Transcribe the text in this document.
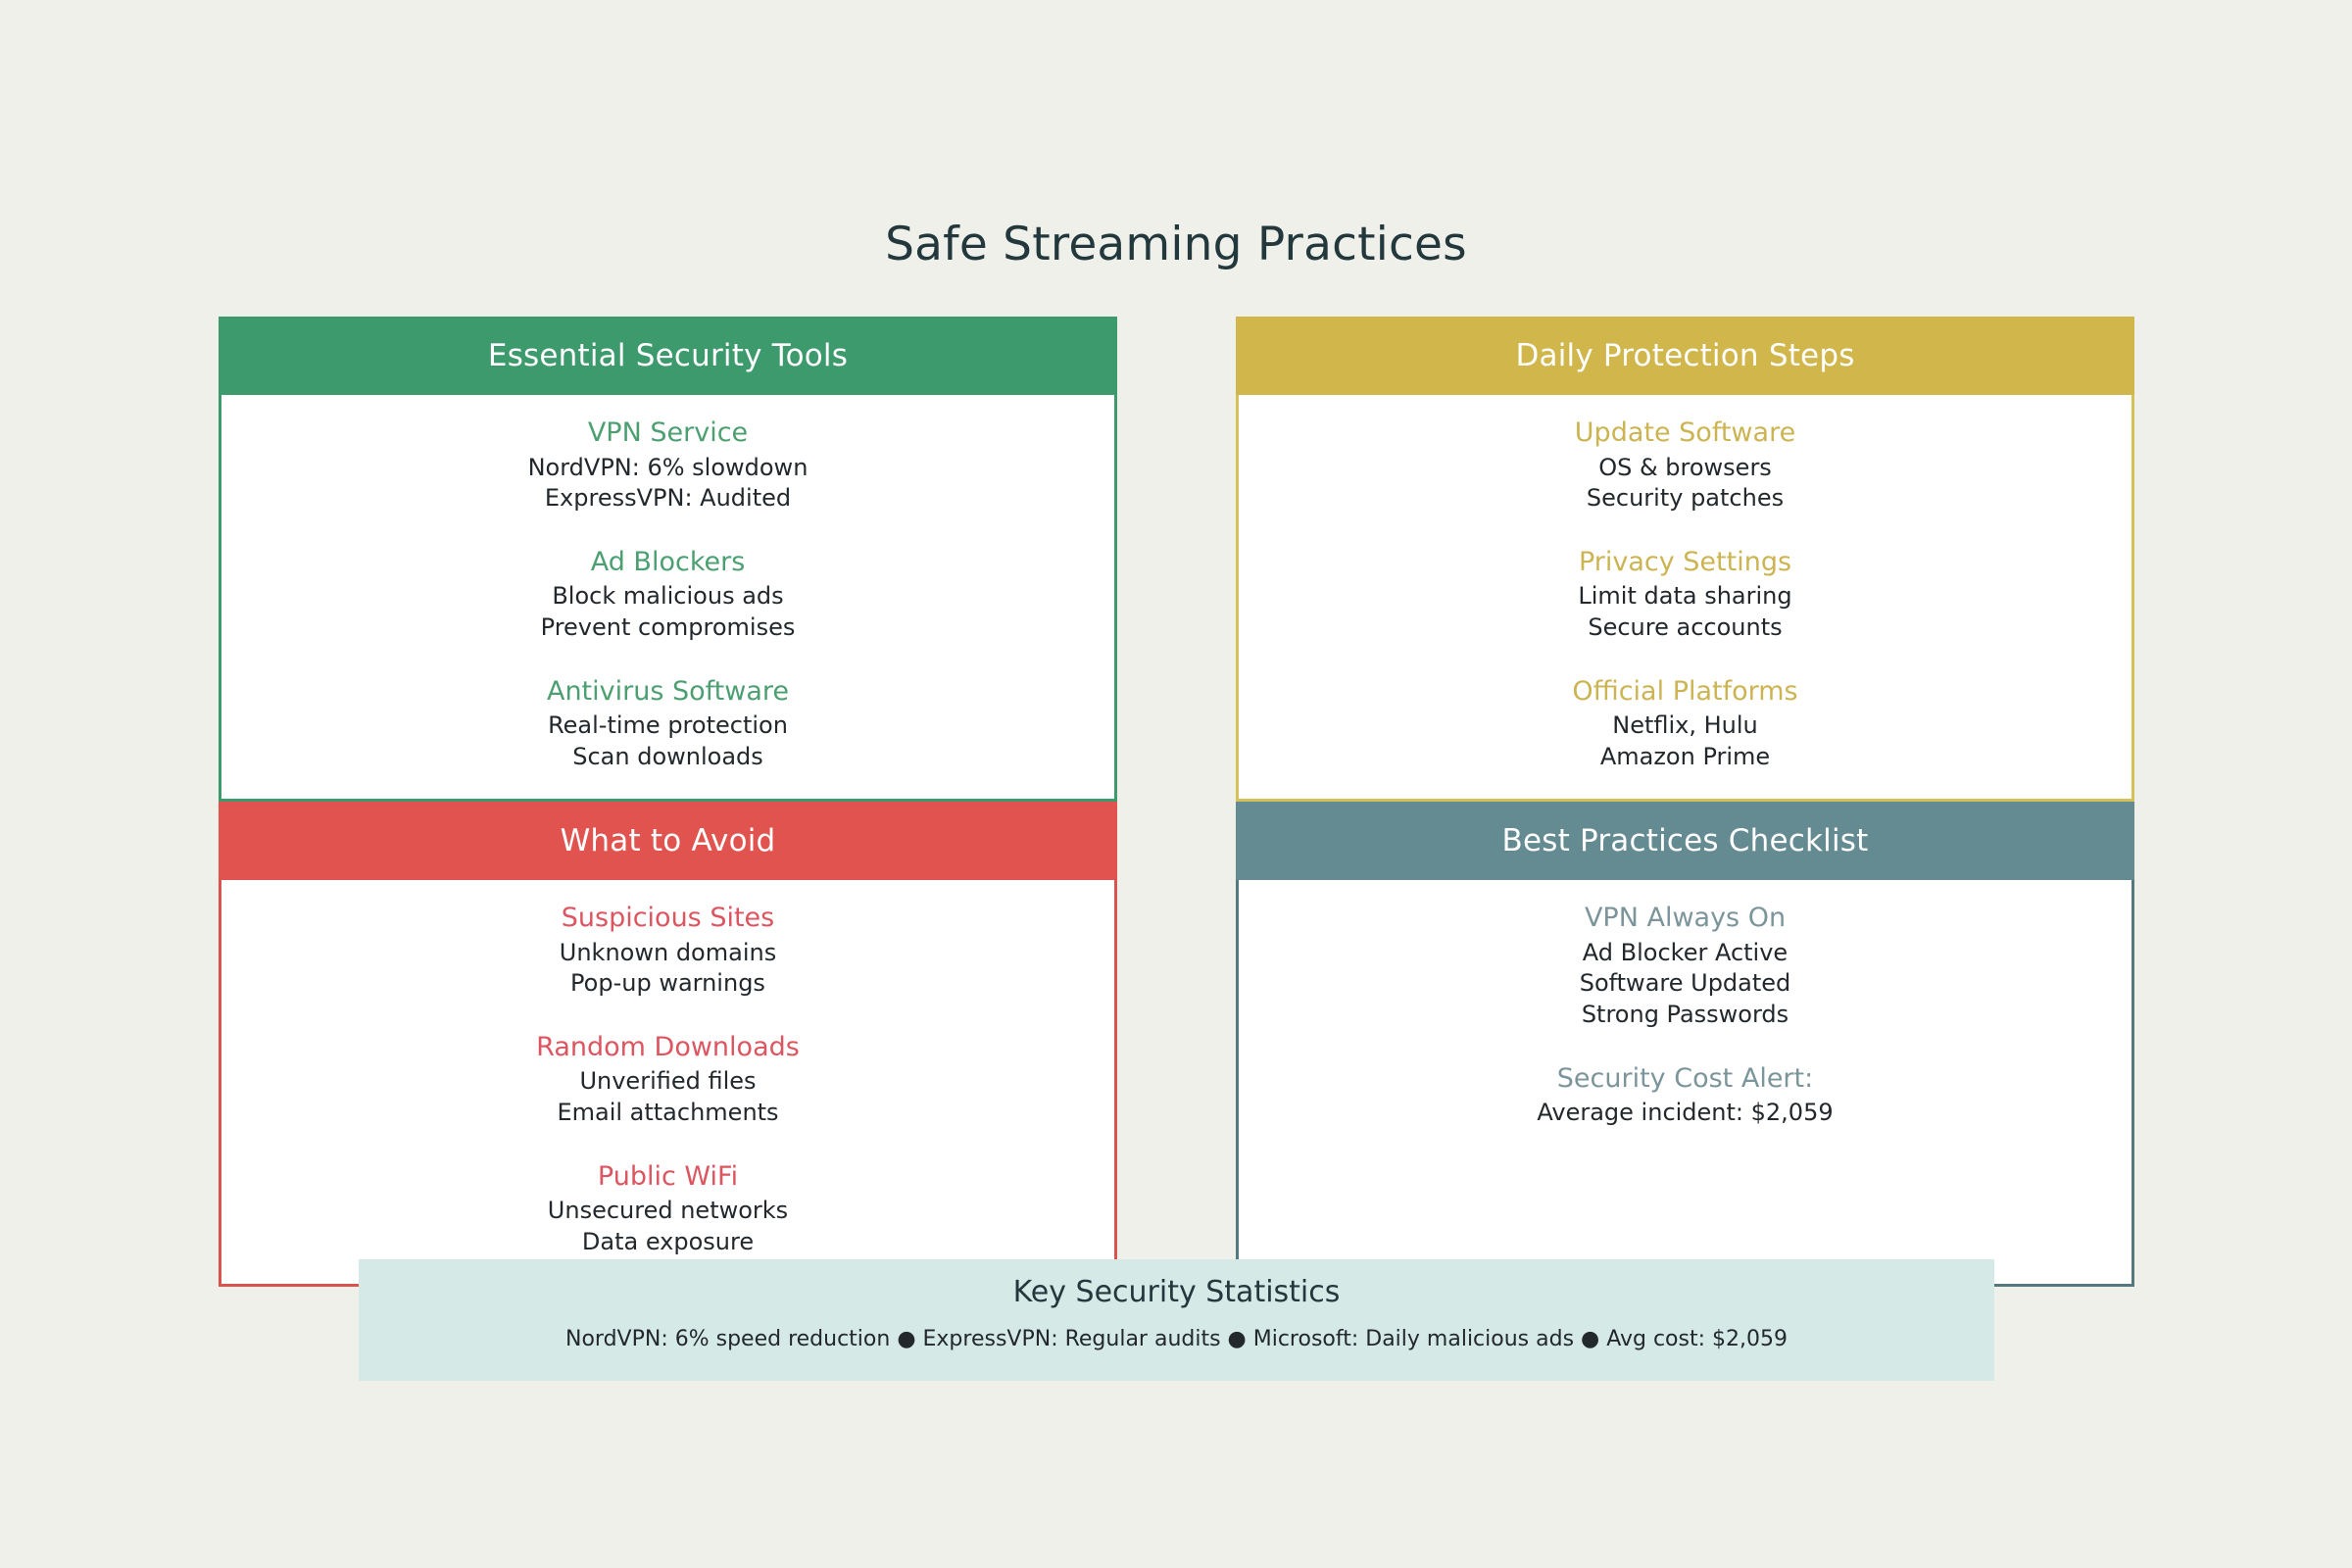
Safe Streaming Practices
Essential Security Tools
VPN Service
NordVPN: 6% slowdown
ExpressVPN: Audited
Ad Blockers
Block malicious ads
Prevent compromises
Antivirus Software
Real-time protection
Scan downloads
Daily Protection Steps
Update Software
OS & browsers
Security patches
Privacy Settings
Limit data sharing
Secure accounts
Official Platforms
Netflix, Hulu
Amazon Prime
What to Avoid
Suspicious Sites
Unknown domains
Pop-up warnings
Random Downloads
Unverified files
Email attachments
Public WiFi
Unsecured networks
Data exposure
Best Practices Checklist
VPN Always On
Ad Blocker Active
Software Updated
Strong Passwords
Security Cost Alert:
Average incident: $2,059
Key Security Statistics
NordVPN: 6% speed reduction ● ExpressVPN: Regular audits ● Microsoft: Daily malicious ads ● Avg cost: $2,059
